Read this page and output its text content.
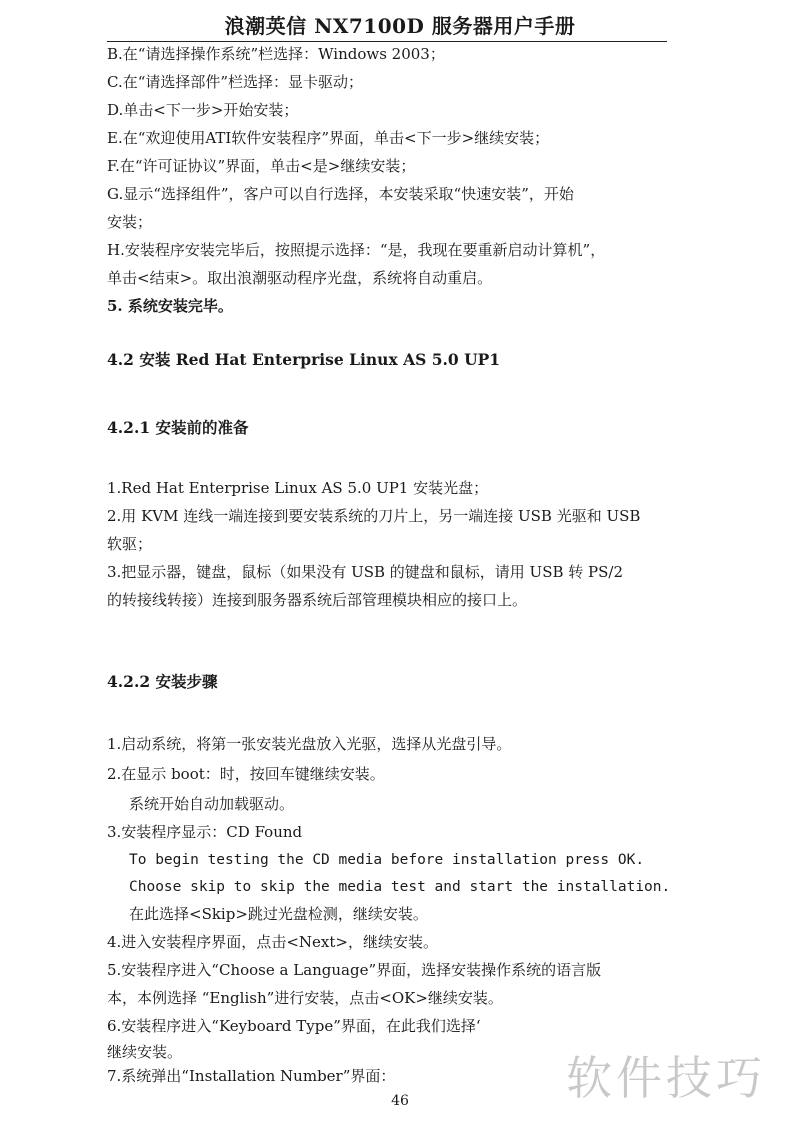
浪潮英信 NX7100D 服务器用户手册
B.在“请选择操作系统”栏选择：Windows 2003；
C.在“请选择部件”栏选择：显卡驱动；
D.单击<下一步>开始安装；
E.在“欢迎使用ATI软件安装程序”界面，单击<下一步>继续安装；
F.在“许可证协议”界面，单击<是>继续安装；
G.显示“选择组件”，客户可以自行选择，本安装采取“快速安装”，开始
安装；
H.安装程序安装完毕后，按照提示选择：“是，我现在要重新启动计算机”，
单击<结束>。取出浪潮驱动程序光盘，系统将自动重启。
5. 系统安装完毕。
4.2 安装 Red Hat Enterprise Linux AS 5.0 UP1
4.2.1 安装前的准备
1.Red Hat Enterprise Linux AS 5.0 UP1 安装光盘；
2.用 KVM 连线一端连接到要安装系统的刀片上，另一端连接 USB 光驱和 USB
软驱；
3.把显示器，键盘，鼠标（如果没有 USB 的键盘和鼠标，请用 USB 转 PS/2
的转接线转接）连接到服务器系统后部管理模块相应的接口上。
4.2.2 安装步骤
1.启动系统，将第一张安装光盘放入光驱，选择从光盘引导。
2.在显示 boot：时，按回车键继续安装。
系统开始自动加载驱动。
3.安装程序显示：CD Found
To begin testing the CD media before installation press OK.
Choose skip to skip the media test and start the installation.
在此选择<Skip>跳过光盘检测，继续安装。
4.进入安装程序界面，点击<Next>，继续安装。
5.安装程序进入“Choose a Language”界面，选择安装操作系统的语言版
本，本例选择 “English”进行安装，点击<OK>继续安装。
6.安装程序进入“Keyboard Type”界面，在此我们选择‘
继续安装。
7.系统弹出“Installation Number”界面：	软件技巧
46
